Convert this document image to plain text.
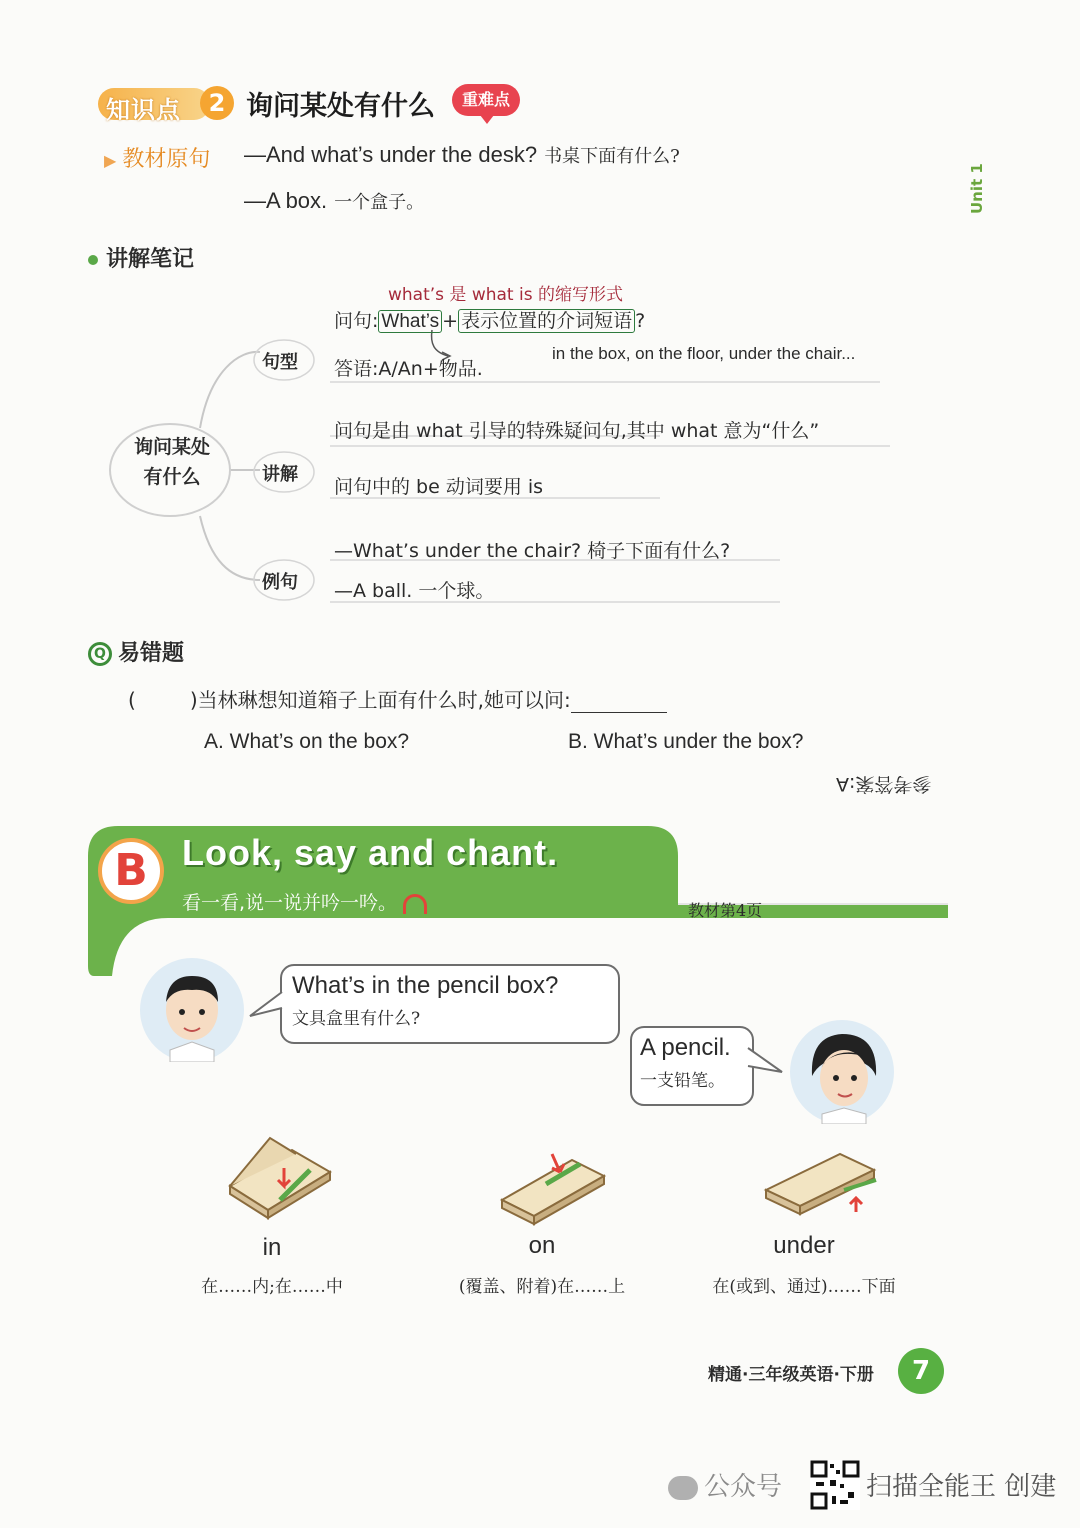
知识点	2 询问某处有什么	重难点
▶ 教材原句 —And what’s under the desk? 书桌下面有什么?
—A box. 一个盒子。	Unit 1
讲解笔记
询问某处
有什么
句型
讲解
例句
what’s 是 what is 的缩写形式
问句: What’s + 表示位置的介词短语 ?
in the box, on the floor, under the chair...
答语:A/An+物品.
问句是由 what 引导的特殊疑问句,其中 what 意为“什么”
问句中的 be 动词要用 is
—What’s under the chair? 椅子下面有什么?
—A ball. 一个球。
Q 易错题
(	)当林琳想知道箱子上面有什么时,她可以问:
A. What’s on the box?	B. What’s under the box?
参考答案:A
B Look, say and chant.
看一看,说一说并吟一吟。	教材第4页
What’s in the pencil box?
文具盒里有什么?
A pencil.
一支铅笔。
in
在……内;在……中
on
(覆盖、附着)在……上
under
在(或到、通过)……下面
精通·三年级英语·下册	7
公众号	扫描全能王 创建
